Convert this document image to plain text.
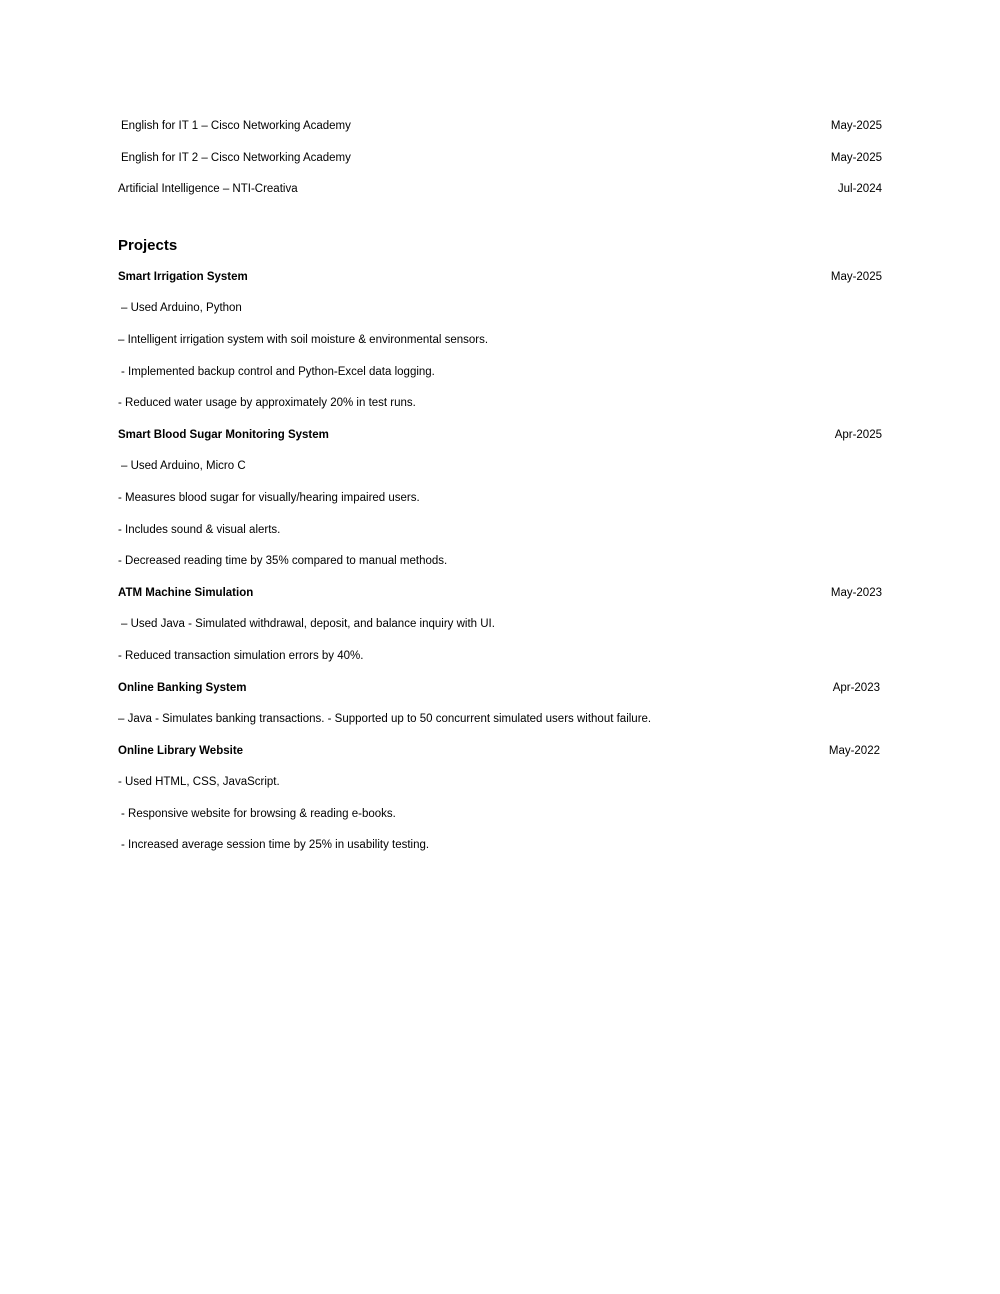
English for IT 1 – Cisco Networking Academy	May-2025
English for IT 2 – Cisco Networking Academy	May-2025
Artificial Intelligence – NTI-Creativa	Jul-2024
Projects
Smart Irrigation System	May-2025
– Used Arduino, Python
– Intelligent irrigation system with soil moisture & environmental sensors.
- Implemented backup control and Python-Excel data logging.
- Reduced water usage by approximately 20% in test runs.
Smart Blood Sugar Monitoring System	Apr-2025
– Used Arduino, Micro C
- Measures blood sugar for visually/hearing impaired users.
- Includes sound & visual alerts.
- Decreased reading time by 35% compared to manual methods.
ATM Machine Simulation	May-2023
– Used Java - Simulated withdrawal, deposit, and balance inquiry with UI.
- Reduced transaction simulation errors by 40%.
Online Banking System	Apr-2023
– Java - Simulates banking transactions. - Supported up to 50 concurrent simulated users without failure.
Online Library Website	May-2022
- Used HTML, CSS, JavaScript.
- Responsive website for browsing & reading e-books.
- Increased average session time by 25% in usability testing.
